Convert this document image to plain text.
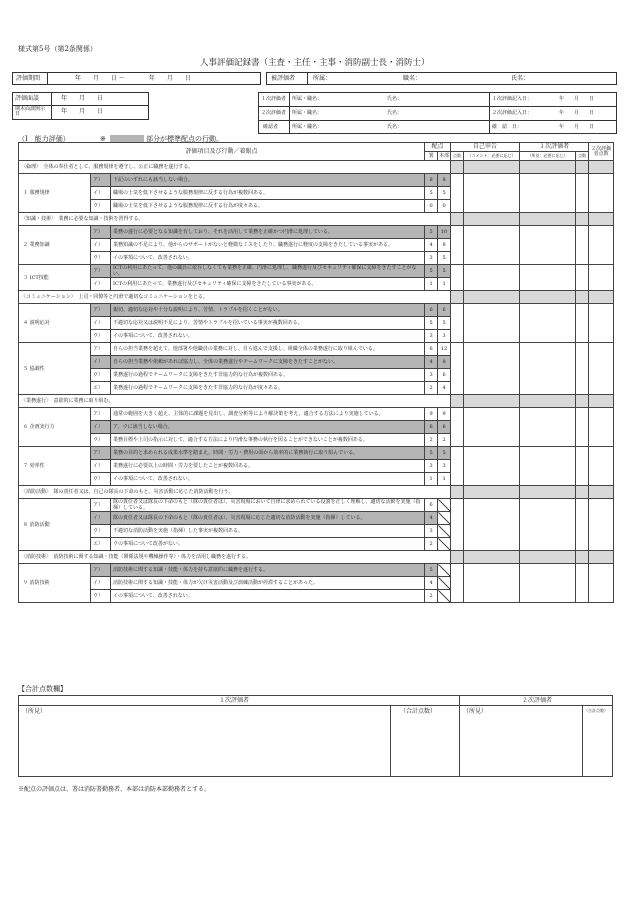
様式第5号（第2条関係）
人事評価記録書（主査・主任・主事・消防副士長・消防士）
評価期間	年　　月　　日 ～　　　　年　　月　　日	被評価者	所属：	職名：	氏名：
評価面談	年　　月　　日
期末面談開示日	年　　月　　日
１次評価者 所属・職名：	氏名：	１次評価記入日：	年　　月　　日
２次評価者 所属・職名：	氏名：	２次評価記入日：	年　　月　　日
確認者	所属・職名：	氏名：	確　認　日：	年　　月　　日
（Ⅰ　能力評価）	※	部分が標準配点の行動。
評価項目及び行動／着眼点			配点		自己申告		１次評価者		２次評価者点数
			署	本部	点数	（コメント：必要に応じ）	（所見：必要に応じ）	点数	
〈倫理〉　全体の奉仕者として、服務規律を遵守し、公正に職務を遂行する。									
１ 服務規律	ア）	下記のいずれにも該当しない場合。	8	8					
	イ）	職場の士気を低下させるような服務規律に反する行為が複数回ある。	5	5					
	ウ）	職場の士気を低下させるような服務規律に反する行為が度々ある。	0	0					
〈知識・技術〉　業務に必要な知識・技術を習得する。									
２ 業務知識	ア）	業務の遂行に必要となる知識を有しており、それを活用して業務を正確かつ円滑に処理している。	5	10					
	イ）	業務知識の不足により、他からのサポートがないと軽微なミスをしたり、職務遂行に軽度の支障をきたしている事実がある。	4	8					
	ウ）	イの事項について、改善されない。	3	5					
３ ICT技能	ア）	ICTの利用にあたって、他の職員に依存しなくても業務を正確、円滑に処理し、職務遂行及びセキュリティ確保に支障をきたすことがない。	5	5					
	イ）	ICTの利用にあたって、業務遂行及びセキュリティ確保に支障をきたしている事実がある。	1	1					
〈コミュニケーション〉　上司・同僚等と円滑で適切なコミュニケーションをとる。									
４ 説明応対	ア）	親切、適切な応対や十分な説明により、苦情、トラブルを招くことがない。	6	6					
	イ）	不適切な応対又は説明不足により、苦情やトラブルを招いている事実が複数回ある。	5	5					
	ウ）	イの事項について、改善されない。	3	3					
５ 協調性	ア）	自らの担当業務を超えて、他部署や他職員の業務に対し、自ら進んで支援し、組織全体の業務遂行に取り組んでいる。	6	12					
	イ）	自らの担当業務や依頼があれば協力し、全体の業務遂行やチームワークに支障をきたすことがない。	4	8					
	ウ）	業務遂行の過程でチームワークに支障をきたす非協力的な行為が複数回ある。	3	6					
	エ）	業務遂行の過程でチームワークに支障をきたす非協力的な行為が度々ある。	2	4					
〈業務遂行〉　意欲的に業務に取り組む。									
６ 企画実行力	ア）	通常の範囲を大きく超え、主体的に課題を見出し、調査分析等により解決策を考え、適合する方法により実施している。	9	9					
	イ）	ア、ウに該当しない場合。	6	6					
	ウ）	業務目標や上司の指示に対して、適合する方法により円滑な事務の執行を図ることができないことが複数回ある。	2	2					
７ 効率性	ア）	業務の目的と求められる成果水準を踏まえ、時間・労力・費用の面から効率的に業務執行に取り組んでいる。	5	5					
	イ）	業務遂行に必要以上の時間・労力を要したことが複数回ある。	3	3					
	ウ）	イの事項について、改善されない。	1	1					
〈消防活動〉　隊の責任者又は、自己の隊長の下命のもと、災害活動に応じた消防活動を行う。									
８ 消防活動	ア）	隊の責任者又は隊長の下命のもと（隊の責任者は）、災害現場において自律に求められている役割を正しく理解し、適切な活動を実施（指揮）している。	6						
	イ）	隊の責任者又は隊長の下命のもと（隊の責任者は）、災害現場に応じた適切な消防活動を実施（指揮）している。	4						
	ウ）	不適切な消防活動を実施（指揮）した事実が複数回ある。	3						
	エ）	ウの事項について改善がない。	2						
〈消防技術〉　消防技術に関する知識・技能（関係法規や機械操作等）・体力を活用し職務を遂行する。									
９ 消防技術	ア）	消防技術に関する知識・技能・体力を持ち意欲的に職務を遂行する。	5						
	イ）	消防技術に関する知識・技能・体力が欠け災害活動及び訓練活動が停滞することがあった。	4						
	ウ）	イの事項について、改善されない。	2						
【合計点数欄】
１次評価者
（所見）	（合計点数）
２次評価者
（所見）	（合計点数）
※配点の評価点は、署は消防署勤務者、本部は消防本部勤務者とする。
